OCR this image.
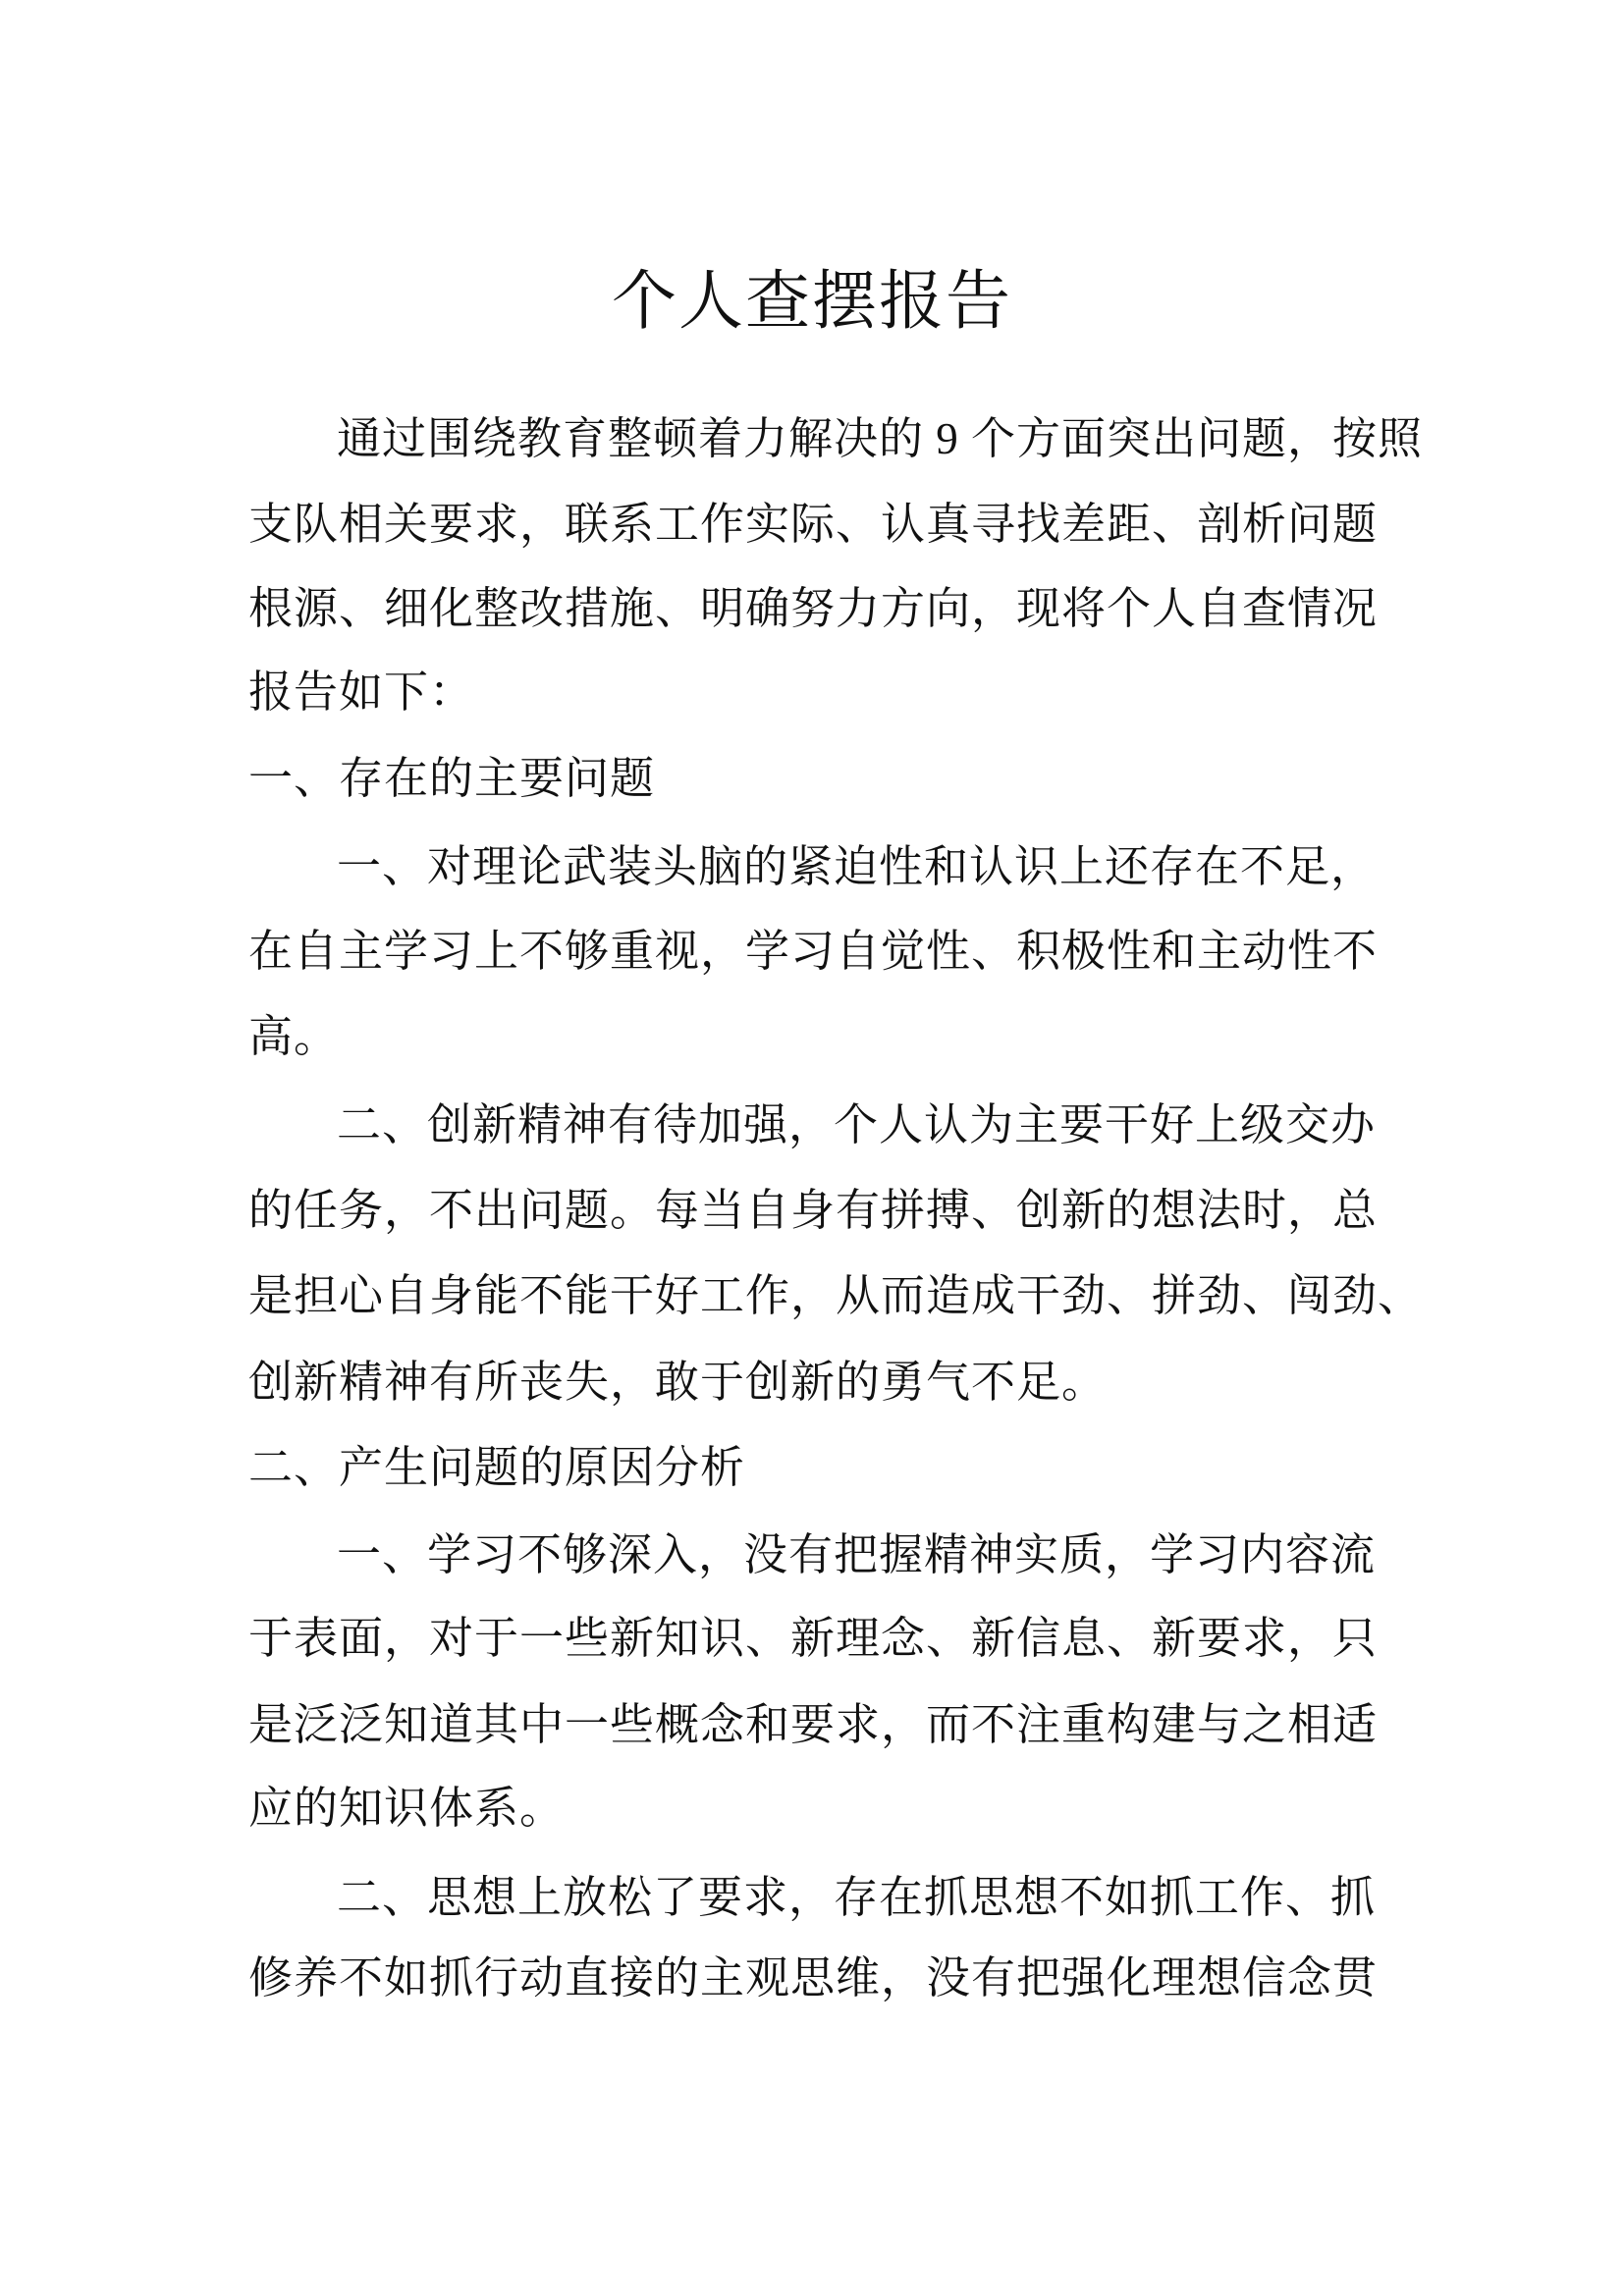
个人查摆报告
通过围绕教育整顿着力解决的 9 个方面突出问题，按照
支队相关要求，联系工作实际、认真寻找差距、剖析问题
根源、细化整改措施、明确努力方向，现将个人自查情况
报告如下：
一、存在的主要问题
一、对理论武装头脑的紧迫性和认识上还存在不足，
在自主学习上不够重视，学习自觉性、积极性和主动性不
高。
二、创新精神有待加强，个人认为主要干好上级交办
的任务，不出问题。每当自身有拼搏、创新的想法时，总
是担心自身能不能干好工作，从而造成干劲、拼劲、闯劲、
创新精神有所丧失，敢于创新的勇气不足。
二、产生问题的原因分析
一、学习不够深入，没有把握精神实质，学习内容流
于表面，对于一些新知识、新理念、新信息、新要求，只
是泛泛知道其中一些概念和要求，而不注重构建与之相适
应的知识体系。
二、思想上放松了要求，存在抓思想不如抓工作、抓
修养不如抓行动直接的主观思维，没有把强化理想信念贯
